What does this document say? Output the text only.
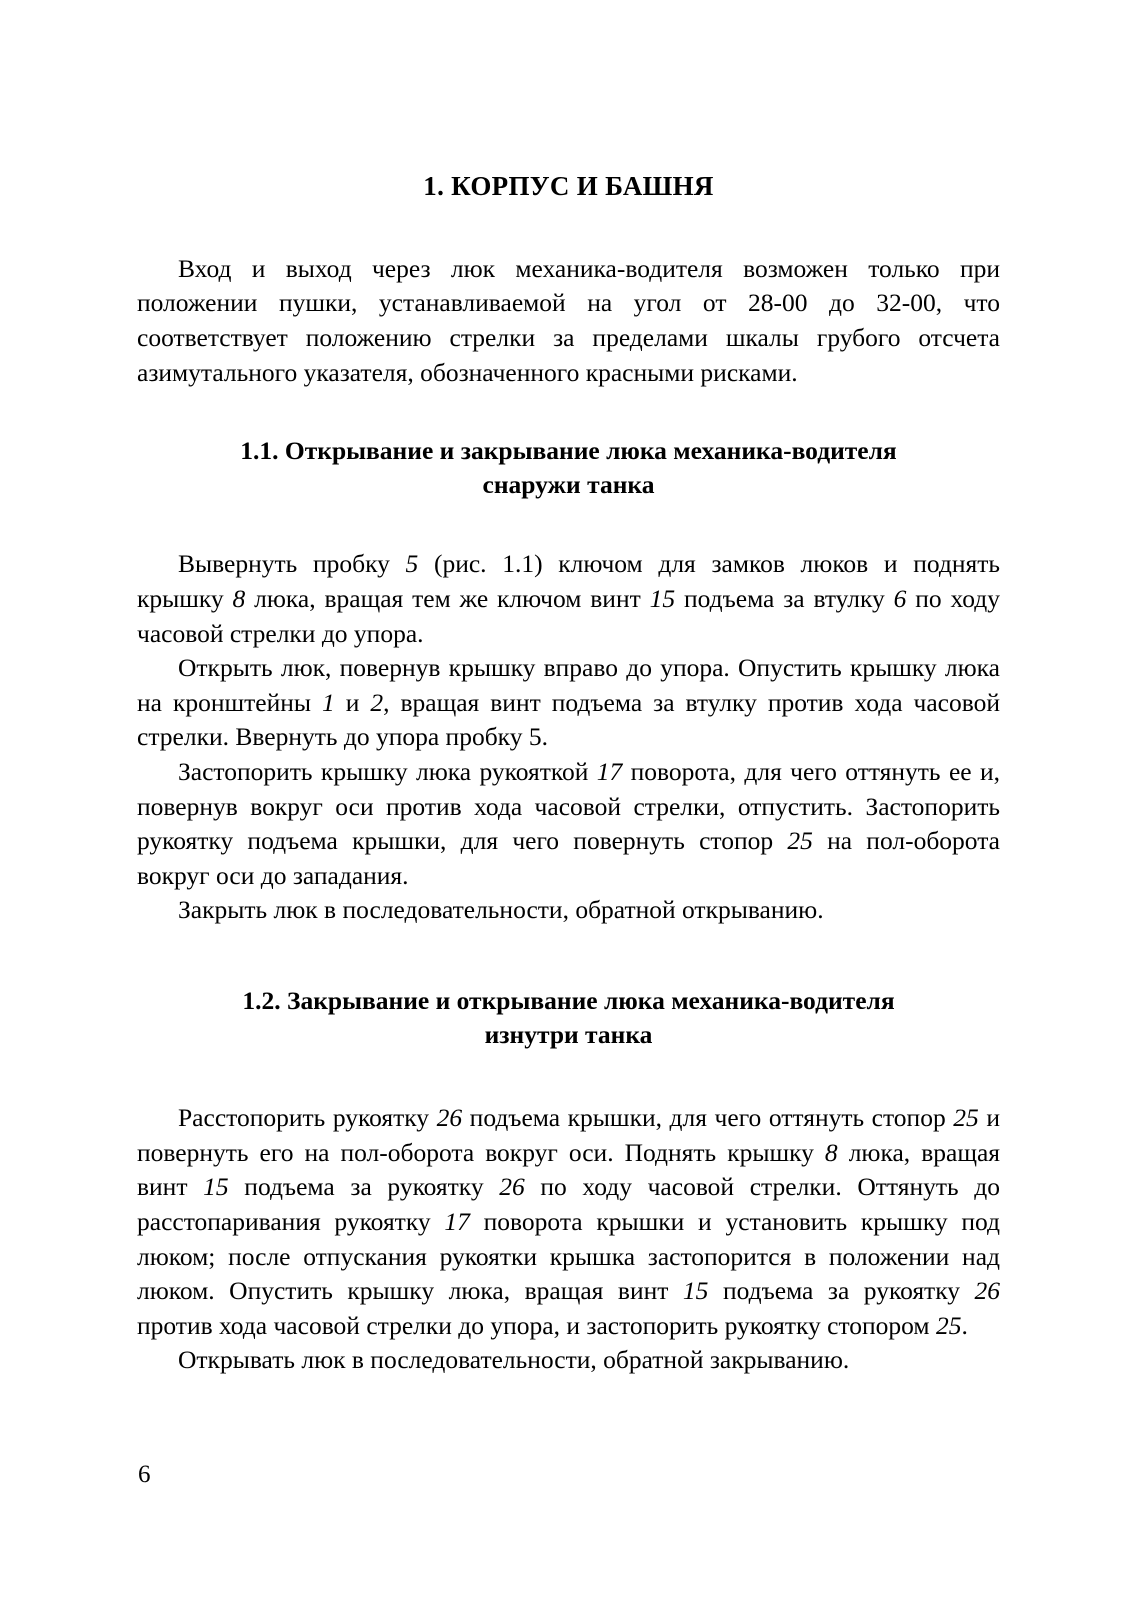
1. КОРПУС И БАШНЯ

Вход и выход через люк механика-водителя возможен только при положении пушки, устанавливаемой на угол от 28-00 до 32-00, что соответствует положению стрелки за пределами шкалы грубого отсчета азимутального указателя, обозначенного красными рисками.

1.1. Открывание и закрывание люка механика-водителя
снаружи танка

Вывернуть пробку 5 (рис. 1.1) ключом для замков люков и поднять крышку 8 люка, вращая тем же ключом винт 15 подъема за втулку 6 по ходу часовой стрелки до упора.

Открыть люк, повернув крышку вправо до упора. Опустить крышку люка на кронштейны 1 и 2, вращая винт подъема за втулку против хода часовой стрелки. Ввернуть до упора пробку 5.

Застопорить крышку люка рукояткой 17 поворота, для чего оттянуть ее и, повернув вокруг оси против хода часовой стрелки, отпустить. Застопорить рукоятку подъема крышки, для чего повернуть стопор 25 на пол-оборота вокруг оси до западания.

Закрыть люк в последовательности, обратной открыванию.

1.2. Закрывание и открывание люка механика-водителя
изнутри танка

Расстопорить рукоятку 26 подъема крышки, для чего оттянуть стопор 25 и повернуть его на пол-оборота вокруг оси. Поднять крышку 8 люка, вращая винт 15 подъема за рукоятку 26 по ходу часовой стрелки. Оттянуть до расстопаривания рукоятку 17 поворота крышки и установить крышку под люком; после отпускания рукоятки крышка застопорится в положении над люком. Опустить крышку люка, вращая винт 15 подъема за рукоятку 26 против хода часовой стрелки до упора, и застопорить рукоятку стопором 25.

Открывать люк в последовательности, обратной закрыванию.

6
